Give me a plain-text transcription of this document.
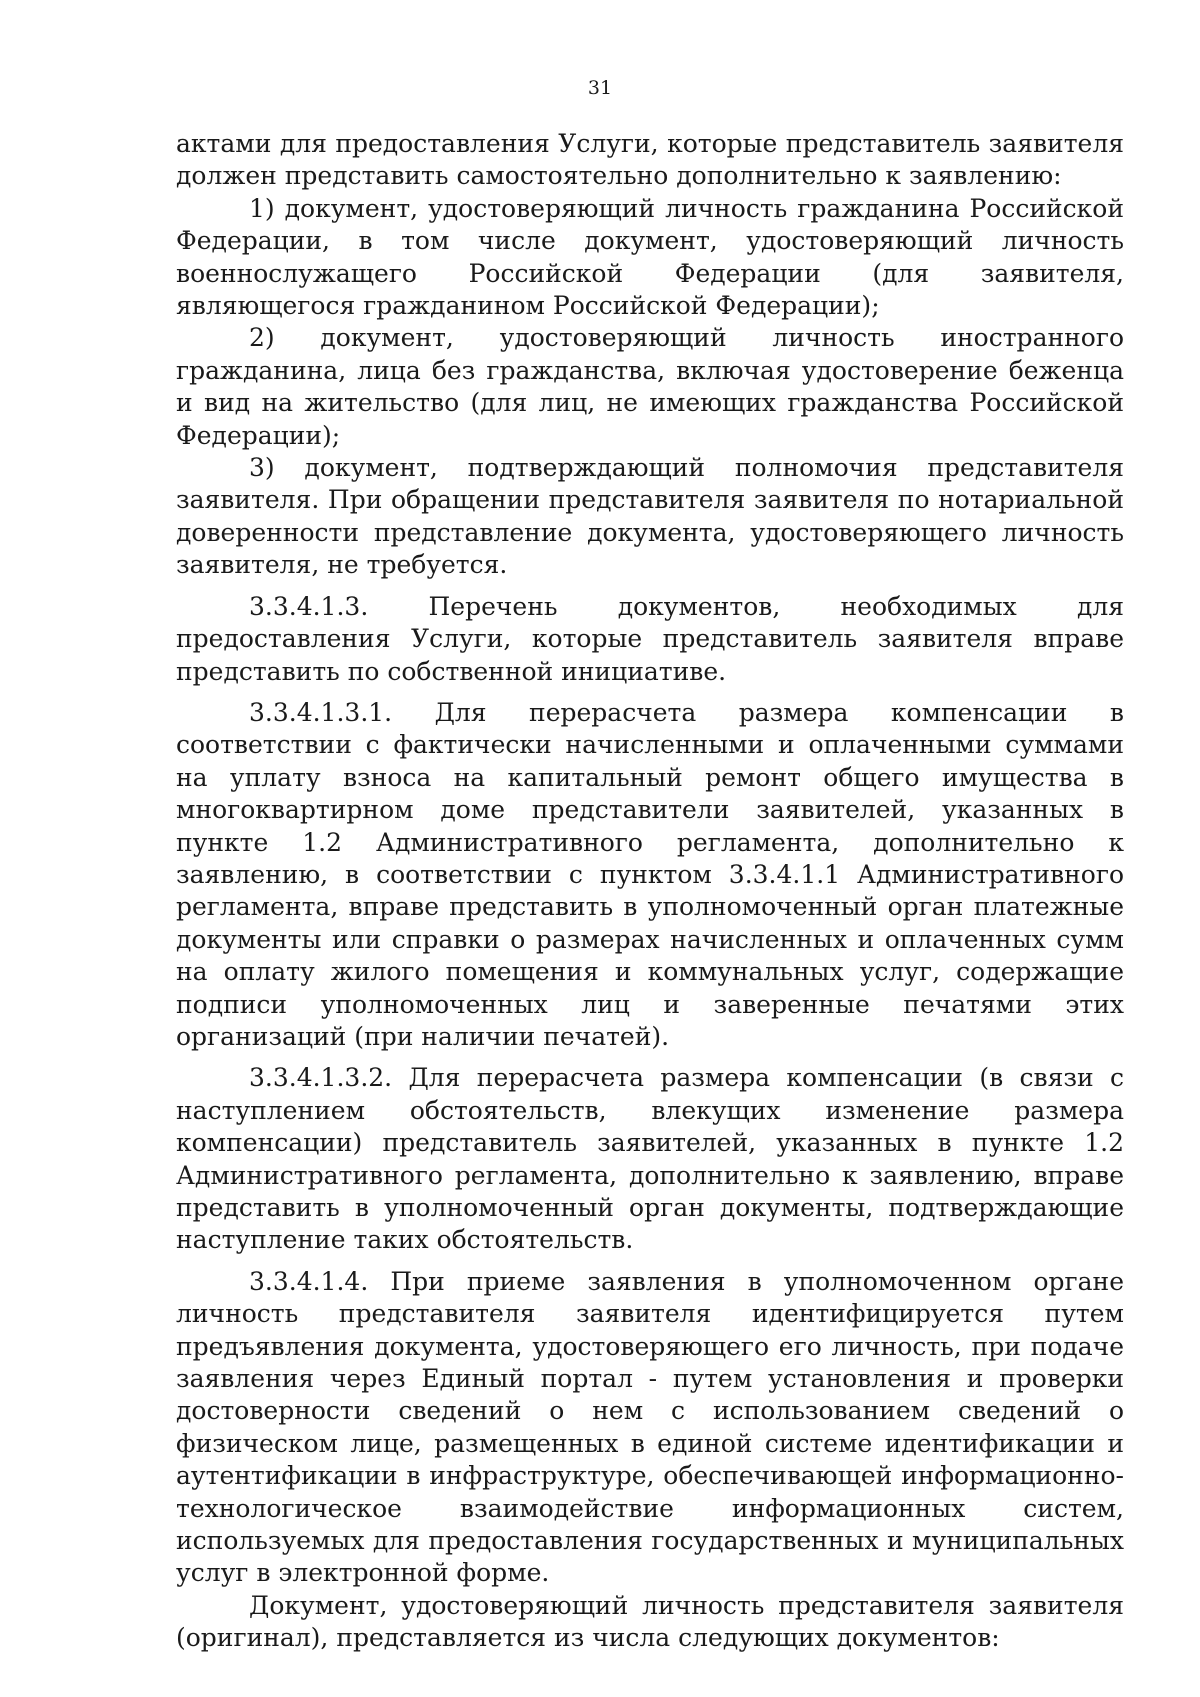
31

актами для предоставления Услуги, которые представитель заявителя должен представить самостоятельно дополнительно к заявлению:

1) документ, удостоверяющий личность гражданина Российской Федерации, в том числе документ, удостоверяющий личность военнослужащего Российской Федерации (для заявителя, являющегося гражданином Российской Федерации);

2) документ, удостоверяющий личность иностранного гражданина, лица без гражданства, включая удостоверение беженца и вид на жительство (для лиц, не имеющих гражданства Российской Федерации);

3) документ, подтверждающий полномочия представителя заявителя. При обращении представителя заявителя по нотариальной доверенности представление документа, удостоверяющего личность заявителя, не требуется.

3.3.4.1.3. Перечень документов, необходимых для предоставления Услуги, которые представитель заявителя вправе представить по собственной инициативе.

3.3.4.1.3.1. Для перерасчета размера компенсации в соответствии с фактически начисленными и оплаченными суммами на уплату взноса на капитальный ремонт общего имущества в многоквартирном доме представители заявителей, указанных в пункте 1.2 Административного регламента, дополнительно к заявлению, в соответствии с пунктом 3.3.4.1.1 Административного регламента, вправе представить в уполномоченный орган платежные документы или справки о размерах начисленных и оплаченных сумм на оплату жилого помещения и коммунальных услуг, содержащие подписи уполномоченных лиц и заверенные печатями этих организаций (при наличии печатей).

3.3.4.1.3.2. Для перерасчета размера компенсации (в связи с наступлением обстоятельств, влекущих изменение размера компенсации) представитель заявителей, указанных в пункте 1.2 Административного регламента, дополнительно к заявлению, вправе представить в уполномоченный орган документы, подтверждающие наступление таких обстоятельств.

3.3.4.1.4. При приеме заявления в уполномоченном органе личность представителя заявителя идентифицируется путем предъявления документа, удостоверяющего его личность, при подаче заявления через Единый портал - путем установления и проверки достоверности сведений о нем с использованием сведений о физическом лице, размещенных в единой системе идентификации и аутентификации в инфраструктуре, обеспечивающей информационно-технологическое взаимодействие информационных систем, используемых для предоставления государственных и муниципальных услуг в электронной форме.

Документ, удостоверяющий личность представителя заявителя (оригинал), представляется из числа следующих документов:
